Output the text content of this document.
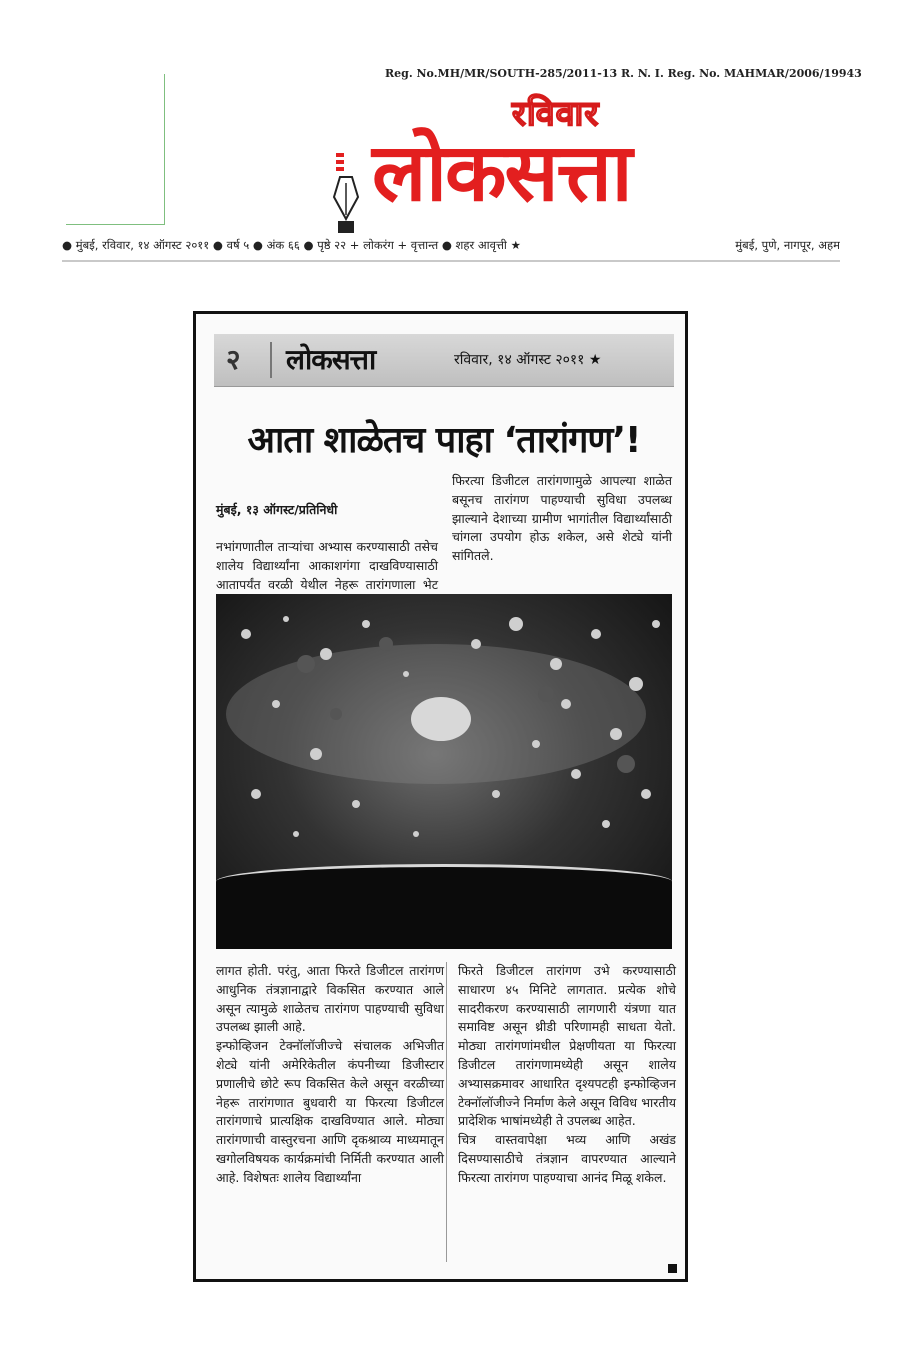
Reg. No.MH/MR/SOUTH-285/2011-13 R. N. I. Reg. No. MAHMAR/2006/19943
रविवार
लोकसत्ता
● मुंबई, रविवार, १४ ऑगस्ट २०११ ● वर्ष ५ ● अंक ६६ ● पृष्ठे २२ + लोकरंग + वृत्तान्त ● शहर आवृत्ती ★	मुंबई, पुणे, नागपूर, अहम
२ लोकसत्ता	रविवार, १४ ऑगस्ट २०११ ★
आता शाळेतच पाहा ‘तारांगण’!

मुंबई, १३ ऑगस्ट/प्रतिनिधी

नभांगणातील ताऱ्यांचा अभ्यास करण्यासाठी तसेच शालेय विद्यार्थ्यांना आकाशगंगा दाखविण्यासाठी आतापर्यंत वरळी येथील नेहरू तारांगणाला भेट

फिरत्या डिजीटल तारांगणामुळे आपल्या शाळेत बसूनच तारांगण पाहण्याची सुविधा उपलब्ध झाल्याने देशाच्या ग्रामीण भागांतील विद्यार्थ्यांसाठी चांगला उपयोग होऊ शकेल, असे शेट्ये यांनी सांगितले.
लागत होती. परंतु, आता फिरते डिजीटल तारांगण आधुनिक तंत्रज्ञानाद्वारे विकसित करण्यात आले असून त्यामुळे शाळेतच तारांगण पाहण्याची सुविधा उपलब्ध झाली आहे.
इन्फोव्हिजन टेक्नॉलॉजीज्चे संचालक अभिजीत शेट्ये यांनी अमेरिकेतील कंपनीच्या डिजीस्टार प्रणालीचे छोटे रूप विकसित केले असून वरळीच्या नेहरू तारांगणात बुधवारी या फिरत्या डिजीटल तारांगणाचे प्रात्यक्षिक दाखविण्यात आले. मोठ्या तारांगणाची वास्तुरचना आणि दृकश्राव्य माध्यमातून खगोलविषयक कार्यक्रमांची निर्मिती करण्यात आली आहे. विशेषतः शालेय विद्यार्थ्यांना
फिरते डिजीटल तारांगण उभे करण्यासाठी साधारण ४५ मिनिटे लागतात. प्रत्येक शोचे सादरीकरण करण्यासाठी लागणारी यंत्रणा यात समाविष्ट असून थ्रीडी परिणामही साधता येतो. मोठ्या तारांगणांमधील प्रेक्षणीयता या फिरत्या डिजीटल तारांगणामध्येही असून शालेय अभ्यासक्रमावर आधारित दृश्यपटही इन्फोव्हिजन टेक्नॉलॉजीज्ने निर्माण केले असून विविध भारतीय प्रादेशिक भाषांमध्येही ते उपलब्ध आहेत.
चित्र वास्तवापेक्षा भव्य आणि अखंड दिसण्यासाठीचे तंत्रज्ञान वापरण्यात आल्याने फिरत्या तारांगण पाहण्याचा आनंद मिळू शकेल.
